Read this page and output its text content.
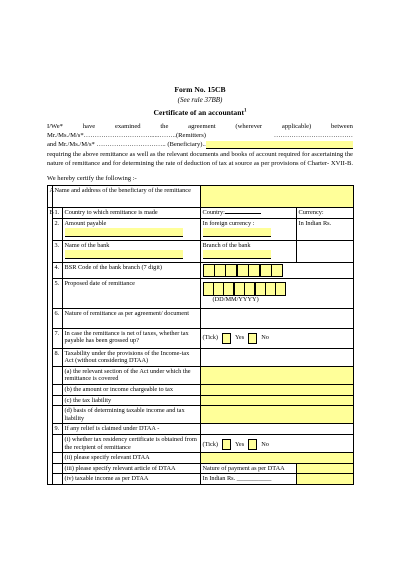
Form No. 15CB
(See rule 37BB)
Certificate of an accountant$^1$
I/We*	have	examined	the	agreement	(wherever	applicable)	between
Mr./Ms./M/s*…………………………......……..(Remitters)	………………………………
and Mr./Ms./M/s* ………………………….. (Beneficiary)..
requiring the above remittance as well as the relevant documents and books of account required for ascertaining the nature of remittance and for determining the rate of deduction of tax at source as per provisions of Charter- XVII-B.
We hereby certify the following :-
A	Name and address of the beneficiary of the remittance			
B	1.	Country to which remittance is made	Country:	Currency:
	2.	Amount payable	In foreign currency :	In Indian Rs.
	3.	Name of the bank	Branch of the bank

	4.	BSR Code of the bank branch (7 digit)		

	5.	Proposed date of remittance	(DD/MM/YYYY)	

	6.	Nature of remittance as per agreement/ document		
	7.	In case the remittance is net of taxes, whether tax payable has been grossed up?	(Tick) Yes No	

	8.	Taxability under the provisions of the Income-tax Act (without considering DTAA)		
		(a) the relevant section of the Act under which the remittance is covered		
		(b) the amount or income chargeable to tax		
		(c) the tax liability		
		(d) basis of determining taxable income and tax liability		
	9.	If any relief is claimed under DTAA -		
		(i) whether tax residency certificate is obtained from the recipient of remittance	(Tick) Yes No	

		(ii) please specify relevant DTAA		
		(iii) please specify relevant article of DTAA	Nature of payment as per DTAA	
		(iv) taxable income as per DTAA	In Indian Rs. ___________	
